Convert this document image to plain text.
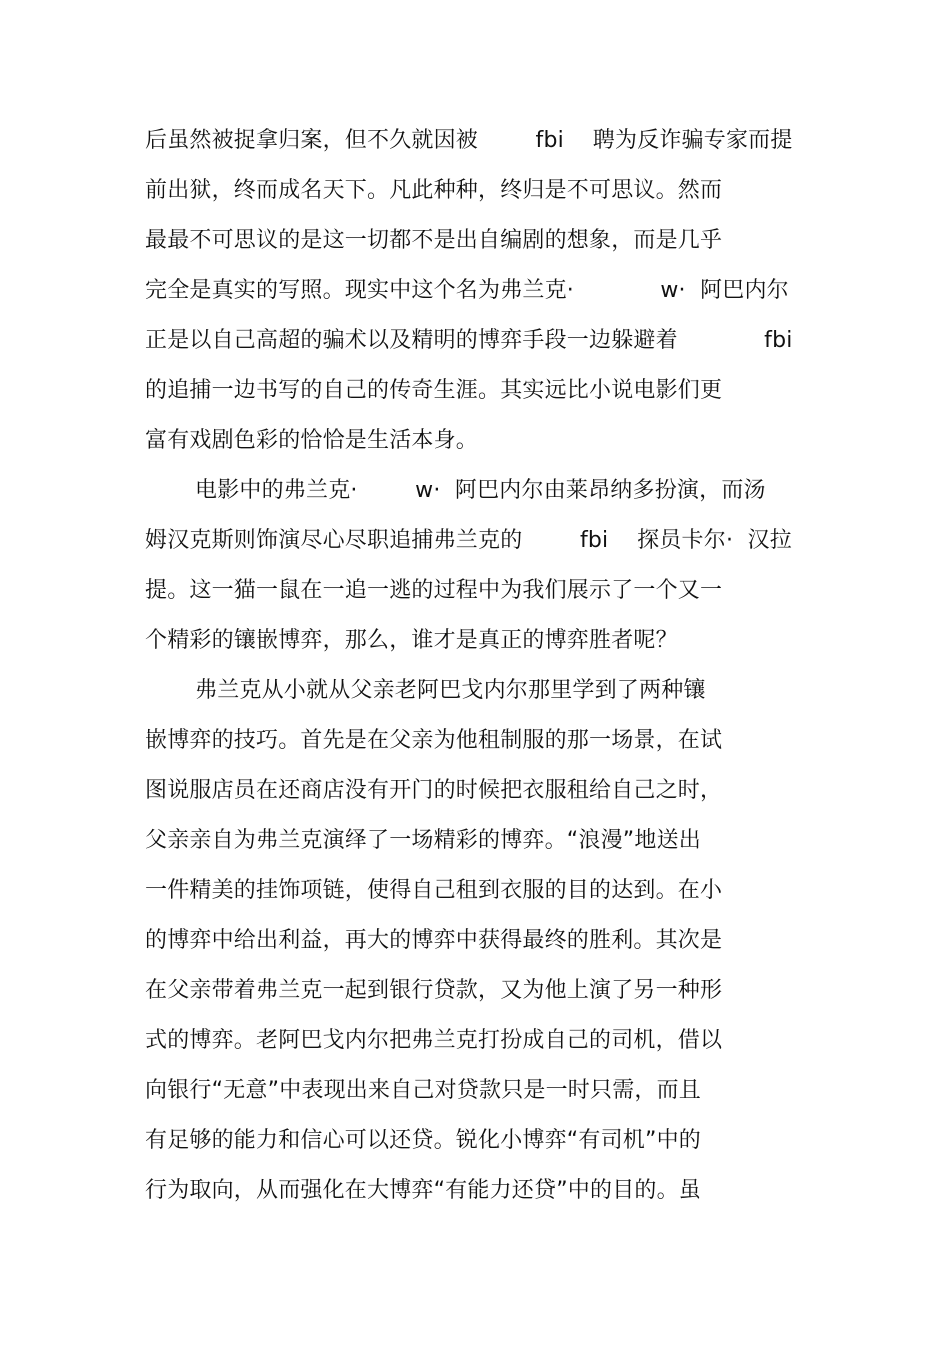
后虽然被捉拿归案，但不久就因被        fbi    聘为反诈骗专家而提
前出狱，终而成名天下。凡此种种，终归是不可思议。然而
最最不可思议的是这一切都不是出自编剧的想象，而是几乎
完全是真实的写照。现实中这个名为弗兰克·            w·  阿巴内尔
正是以自己高超的骗术以及精明的博弈手段一边躲避着            fbi
的追捕一边书写的自己的传奇生涯。其实远比小说电影们更
富有戏剧色彩的恰恰是生活本身。
电影中的弗兰克·        w·  阿巴内尔由莱昂纳多扮演，而汤
姆汉克斯则饰演尽心尽职追捕弗兰克的        fbi    探员卡尔·  汉拉
提。这一猫一鼠在一追一逃的过程中为我们展示了一个又一
个精彩的镶嵌博弈，那么，谁才是真正的博弈胜者呢？
弗兰克从小就从父亲老阿巴戈内尔那里学到了两种镶
嵌博弈的技巧。首先是在父亲为他租制服的那一场景，在试
图说服店员在还商店没有开门的时候把衣服租给自己之时，
父亲亲自为弗兰克演绎了一场精彩的博弈。“浪漫”地送出
一件精美的挂饰项链，使得自己租到衣服的目的达到。在小
的博弈中给出利益，再大的博弈中获得最终的胜利。其次是
在父亲带着弗兰克一起到银行贷款，又为他上演了另一种形
式的博弈。老阿巴戈内尔把弗兰克打扮成自己的司机，借以
向银行“无意”中表现出来自己对贷款只是一时只需，而且
有足够的能力和信心可以还贷。锐化小博弈“有司机”中的
行为取向，从而强化在大博弈“有能力还贷”中的目的。虽
